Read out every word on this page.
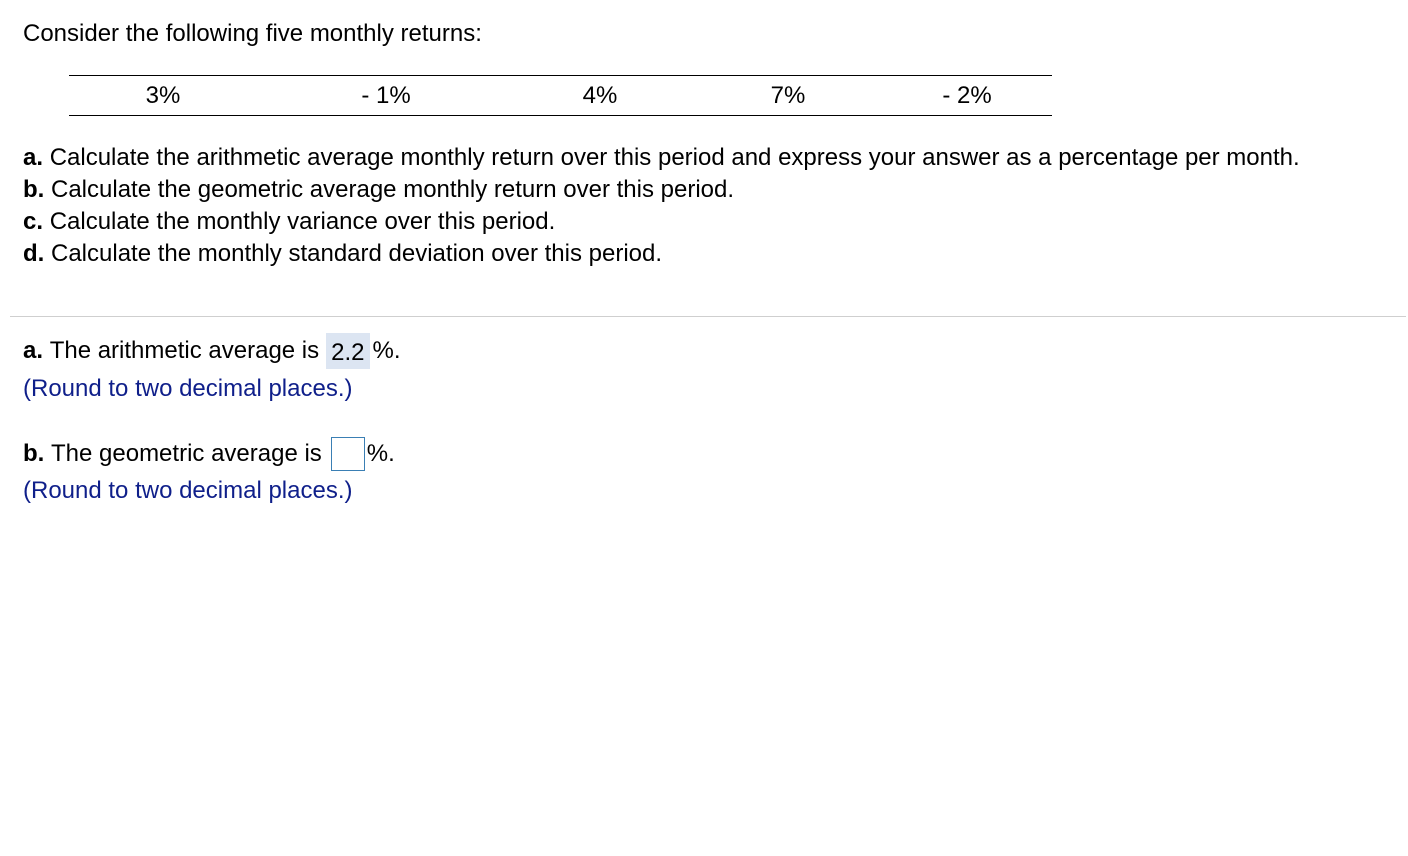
Consider the following five monthly returns:
3%	- 1%	4%	7%	- 2%

a. Calculate the arithmetic average monthly return over this period and express your answer as a percentage per month.

b. Calculate the geometric average monthly return over this period.

c. Calculate the monthly variance over this period.

d. Calculate the monthly standard deviation over this period.

a.
The arithmetic average is 2.2 %.
(Round to two decimal places.)
b.
The geometric average is %.
(Round to two decimal places.)
